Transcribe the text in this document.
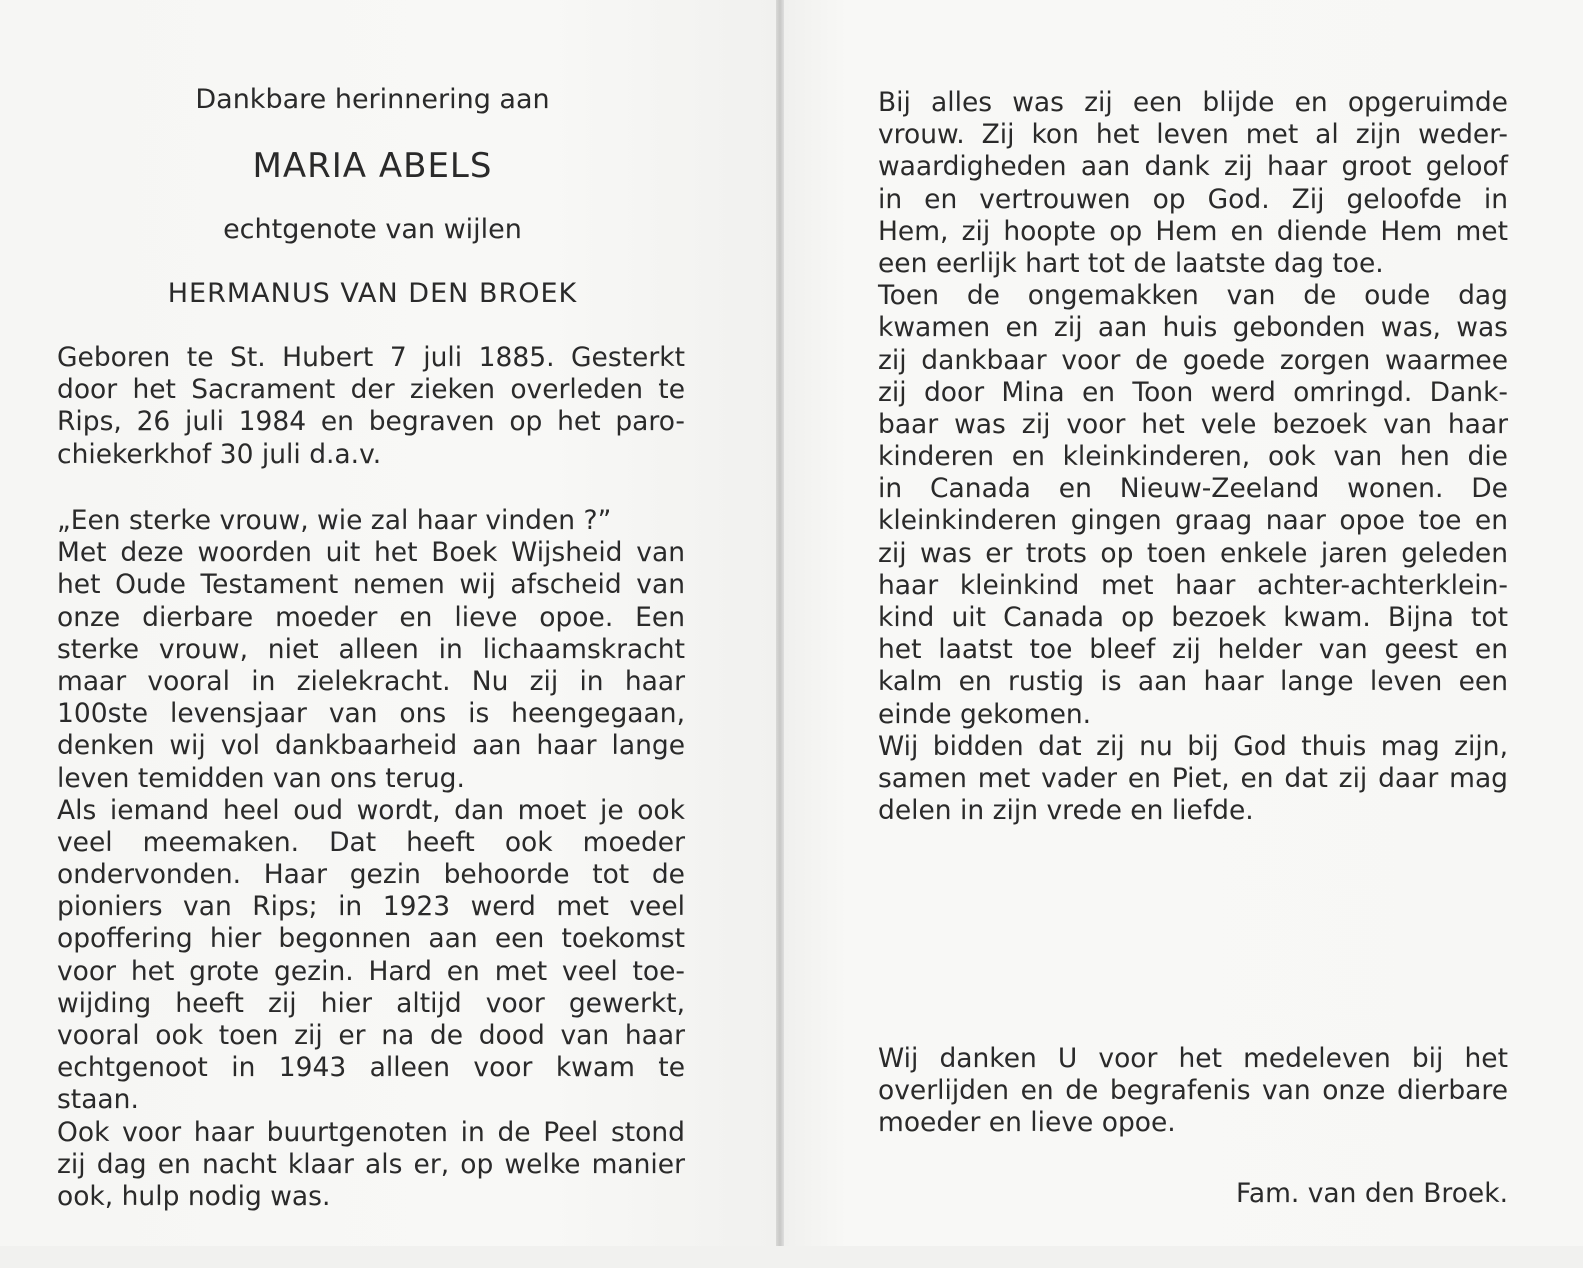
Dankbare herinnering aan
MARIA ABELS
echtgenote van wijlen
HERMANUS VAN DEN BROEK
Geboren te St. Hubert 7 juli 1885. Gesterkt
door het Sacrament der zieken overleden te
Rips, 26 juli 1984 en begraven op het paro-
chiekerkhof 30 juli d.a.v.
„Een sterke vrouw, wie zal haar vinden ?”
Met deze woorden uit het Boek Wijsheid van
het Oude Testament nemen wij afscheid van
onze dierbare moeder en lieve opoe. Een
sterke vrouw, niet alleen in lichaamskracht
maar vooral in zielekracht. Nu zij in haar
100ste levensjaar van ons is heengegaan,
denken wij vol dankbaarheid aan haar lange
leven temidden van ons terug.
Als iemand heel oud wordt, dan moet je ook
veel meemaken. Dat heeft ook moeder
ondervonden. Haar gezin behoorde tot de
pioniers van Rips; in 1923 werd met veel
opoffering hier begonnen aan een toekomst
voor het grote gezin. Hard en met veel toe-
wijding heeft zij hier altijd voor gewerkt,
vooral ook toen zij er na de dood van haar
echtgenoot in 1943 alleen voor kwam te
staan.
Ook voor haar buurtgenoten in de Peel stond
zij dag en nacht klaar als er, op welke manier
ook, hulp nodig was.
Bij alles was zij een blijde en opgeruimde
vrouw. Zij kon het leven met al zijn weder-
waardigheden aan dank zij haar groot geloof
in en vertrouwen op God. Zij geloofde in
Hem, zij hoopte op Hem en diende Hem met
een eerlijk hart tot de laatste dag toe.
Toen de ongemakken van de oude dag
kwamen en zij aan huis gebonden was, was
zij dankbaar voor de goede zorgen waarmee
zij door Mina en Toon werd omringd. Dank-
baar was zij voor het vele bezoek van haar
kinderen en kleinkinderen, ook van hen die
in Canada en Nieuw-Zeeland wonen. De
kleinkinderen gingen graag naar opoe toe en
zij was er trots op toen enkele jaren geleden
haar kleinkind met haar achter-achterklein-
kind uit Canada op bezoek kwam. Bijna tot
het laatst toe bleef zij helder van geest en
kalm en rustig is aan haar lange leven een
einde gekomen.
Wij bidden dat zij nu bij God thuis mag zijn,
samen met vader en Piet, en dat zij daar mag
delen in zijn vrede en liefde.
Wij danken U voor het medeleven bij het
overlijden en de begrafenis van onze dierbare
moeder en lieve opoe.
Fam. van den Broek.
